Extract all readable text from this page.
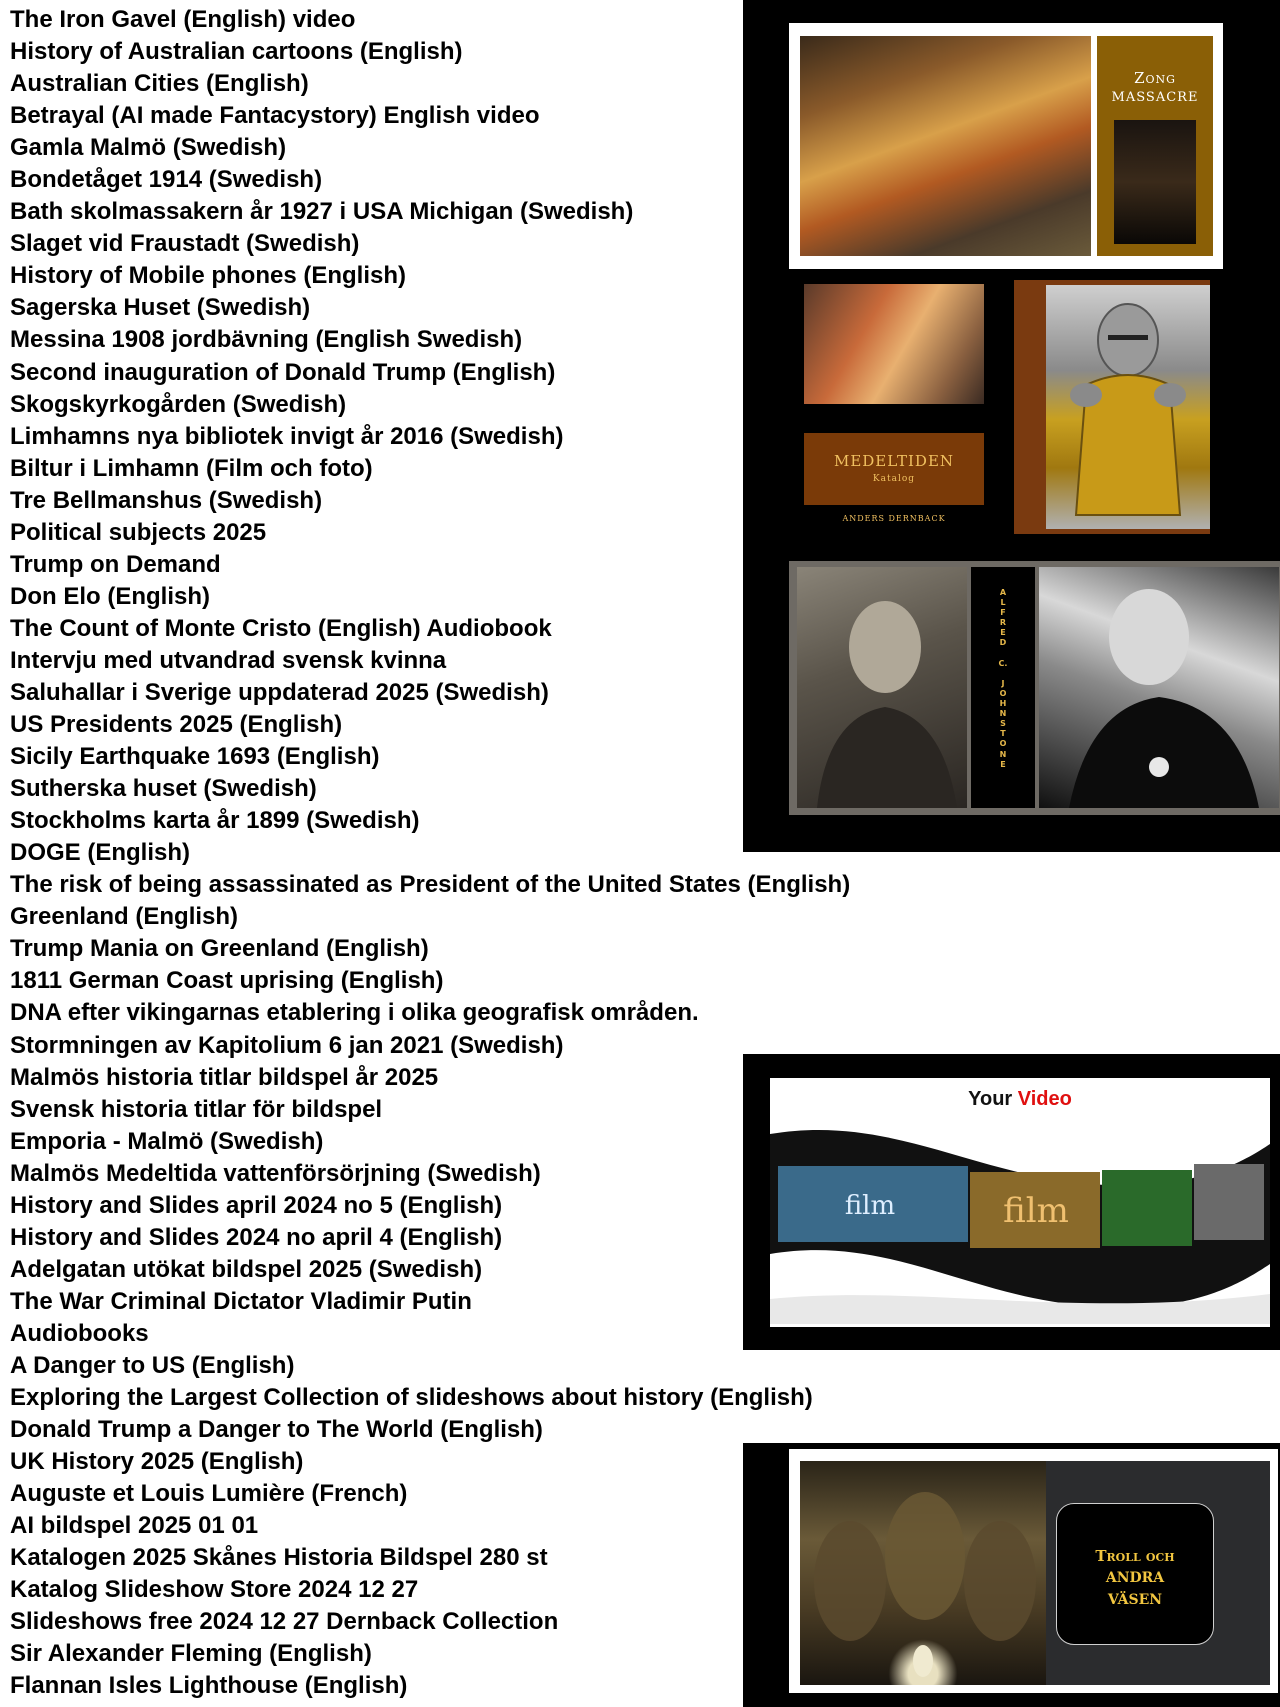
The Iron Gavel (English) video
History of Australian cartoons (English)
Australian Cities (English)
Betrayal (AI made Fantacystory) English video
Gamla Malmö (Swedish)
Bondetåget 1914 (Swedish)
Bath skolmassakern år 1927 i USA Michigan (Swedish)
Slaget vid Fraustadt (Swedish)
History of Mobile phones (English)
Sagerska Huset (Swedish)
Messina 1908 jordbävning (English Swedish)
Second inauguration of Donald Trump (English)
Skogskyrkogården (Swedish)
Limhamns nya bibliotek invigt år 2016 (Swedish)
Biltur i Limhamn (Film och foto)
Tre Bellmanshus (Swedish)
Political subjects 2025
Trump on Demand
Don Elo (English)
The Count of Monte Cristo (English) Audiobook
Intervju med utvandrad svensk kvinna
Saluhallar i Sverige uppdaterad 2025 (Swedish)
US Presidents 2025 (English)
Sicily Earthquake 1693 (English)
Sutherska huset (Swedish)
Stockholms karta år 1899 (Swedish)
DOGE (English)
The risk of being assassinated as President of the United States (English)
Greenland (English)
Trump Mania on Greenland (English)
1811 German Coast uprising (English)
DNA efter vikingarnas etablering i olika geografisk områden.
Stormningen av Kapitolium 6 jan 2021 (Swedish)
Malmös historia titlar bildspel år 2025
Svensk historia titlar för bildspel
Emporia - Malmö (Swedish)
Malmös Medeltida vattenförsörjning (Swedish)
History and Slides april 2024 no 5 (English)
History and Slides 2024 no april 4 (English)
Adelgatan utökat bildspel 2025 (Swedish)
The War Criminal Dictator Vladimir Putin
Audiobooks
A Danger to US (English)
Exploring the Largest Collection of slideshows about history (English)
Donald Trump a Danger to The World (English)
UK History 2025 (English)
Auguste et Louis Lumière (French)
AI bildspel 2025 01 01
Katalogen 2025 Skånes Historia Bildspel 280 st
Katalog Slideshow Store 2024 12 27
Slideshows free 2024 12 27 Dernback Collection
Sir Alexander Fleming (English)
Flannan Isles Lighthouse (English)
Zong
MASSACRE
MEDELTIDEN
Katalog
ANDERS DERNBACK
A
L
F
R
E
D

C.

J
O
H
N
S
T
O
N
E
Your Video
film	film
Troll och
ANDRA
VÄSEN
